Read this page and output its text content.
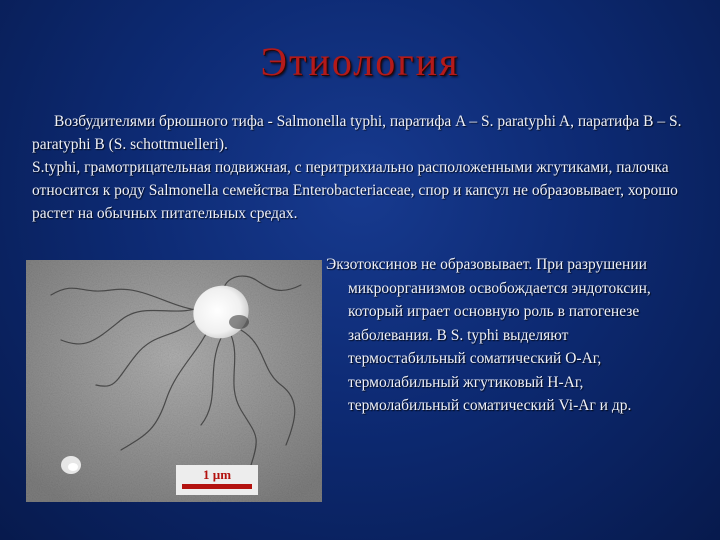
Этиология

Возбудителями брюшного тифа - Salmonella typhi, паратифа A – S. paratyphi A, паратифа B – S. paratyphi B (S. schottmuelleri).

S.typhi, грамотрицательная подвижная, с перитрихиально расположенными жгутиками, палочка относится к роду Salmonella семейства Enterobacteriaceae, спор и капсул не образовывает, хорошо растет на обычных питательных средах.

1 µm
Экзотоксинов не образовывает. При разрушении
микроорганизмов освобождается эндотоксин,
который играет основную роль в патогенезе
заболевания. В S. typhi выделяют
термостабильный соматический О-Аг,
термолабильный жгутиковый Н-Аг,
термолабильный соматический Vi-Аг и др.
